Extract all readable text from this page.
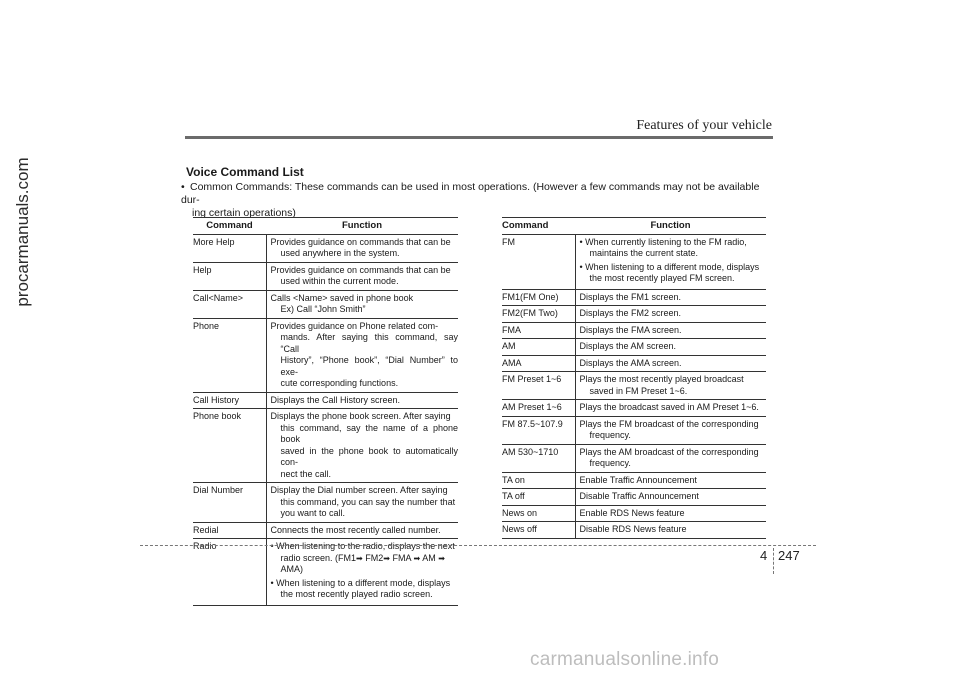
procarmanuals.com
Features of your vehicle
Voice Command List
• Common Commands: These commands can be used in most operations. (However a few commands may not be available dur-
ing certain operations)
Command	Function
More Help	Provides guidance on commands that can be
used anywhere in the system.

Help	Provides guidance on commands that can be
used within the current mode.

Call<Name>	Calls <Name> saved in phone book
Ex) Call “John Smith”

Phone	Provides guidance on Phone related com-
mands. After saying this command, say “Call
History”, “Phone book”, “Dial Number” to exe-
cute corresponding functions.

Call History	Displays the Call History screen.

Phone book	Displays the phone book screen. After saying
this command, say the name of a phone book
saved in the phone book to automatically con-
nect the call.

Dial Number	Display the Dial number screen. After saying
this command, you can say the number that
you want to call.

Redial	Connects the most recently called number.

Radio	• When listening to the radio, displays the next
radio screen. (FM1➡ FM2➡ FMA ➡ AM ➡
AMA)
• When listening to a different mode, displays
the most recently played radio screen.
Command	Function
FM	• When currently listening to the FM radio,
maintains the current state.
• When listening to a different mode, displays
the most recently played FM screen.

FM1(FM One)	Displays the FM1 screen.

FM2(FM Two)	Displays the FM2 screen.

FMA	Displays the FMA screen.

AM	Displays the AM screen.

AMA	Displays the AMA screen.

FM Preset 1~6	Plays the most recently played broadcast
saved in FM Preset 1~6.

AM Preset 1~6	Plays the broadcast saved in AM Preset 1~6.

FM 87.5~107.9	Plays the FM broadcast of the corresponding
frequency.

AM 530~1710	Plays the AM broadcast of the corresponding
frequency.

TA on	Enable Traffic Announcement

TA off	Disable Traffic Announcement

News on	Enable RDS News feature

News off	Disable RDS News feature
4 247
carmanualsonline.info
